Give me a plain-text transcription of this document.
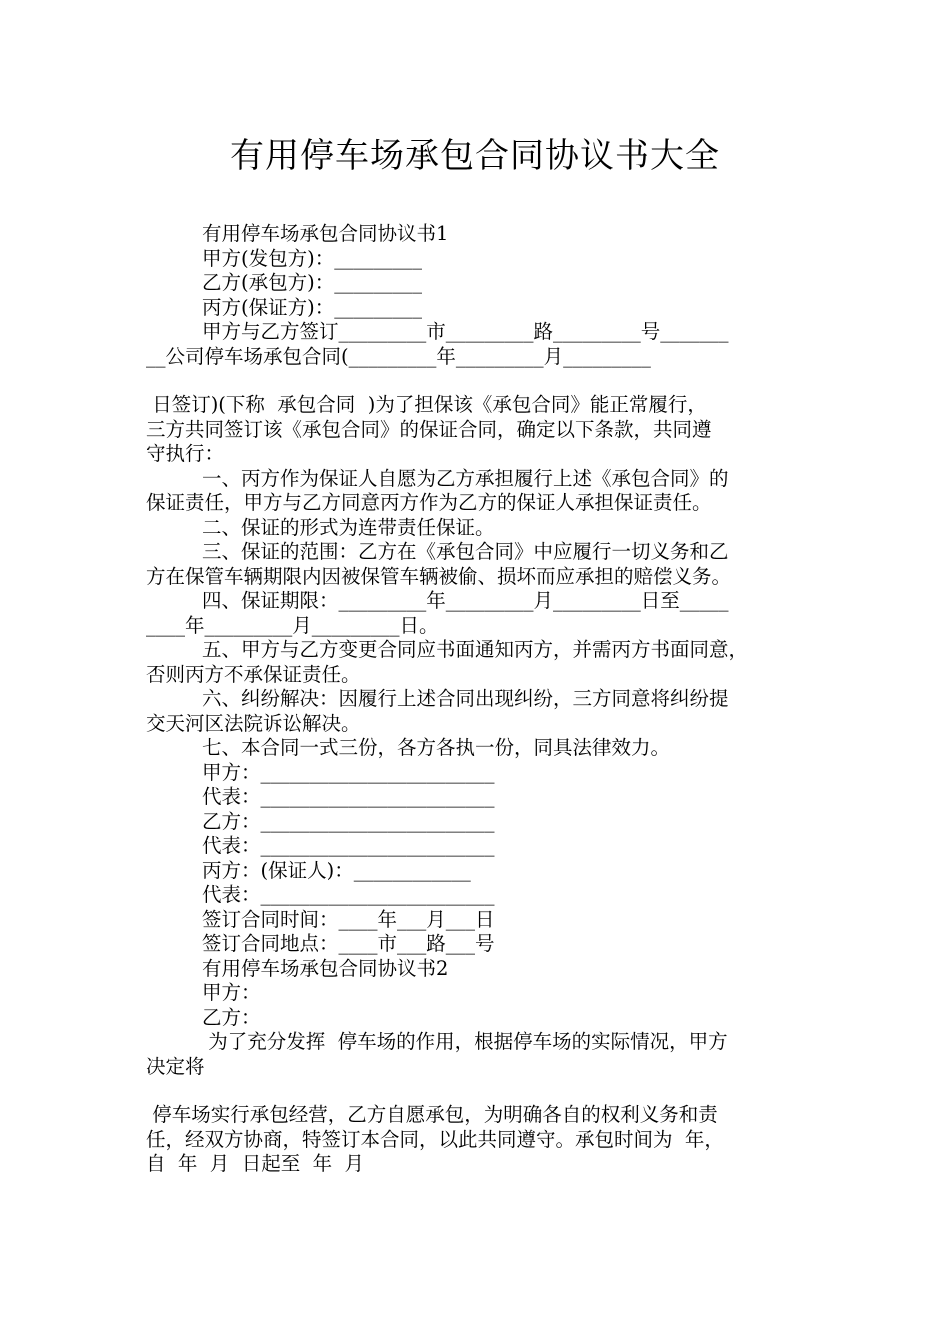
有用停车场承包合同协议书大全
有用停车场承包合同协议书1
甲方(发包方)：_________
乙方(承包方)：_________
丙方(保证方)：_________
甲方与乙方签订_________市_________路_________号_______
__公司停车场承包合同(_________年_________月_________
日签订)(下称  承包合同  )为了担保该《承包合同》能正常履行，
三方共同签订该《承包合同》的保证合同，确定以下条款，共同遵
守执行：
一、丙方作为保证人自愿为乙方承担履行上述《承包合同》的
保证责任，甲方与乙方同意丙方作为乙方的保证人承担保证责任。
二、保证的形式为连带责任保证。
三、保证的范围：乙方在《承包合同》中应履行一切义务和乙
方在保管车辆期限内因被保管车辆被偷、损坏而应承担的赔偿义务。
四、保证期限：_________年_________月_________日至_____
____年_________月_________日。
五、甲方与乙方变更合同应书面通知丙方，并需丙方书面同意，
否则丙方不承保证责任。
六、纠纷解决：因履行上述合同出现纠纷，三方同意将纠纷提
交天河区法院诉讼解决。
七、本合同一式三份，各方各执一份，同具法律效力。
甲方：________________________
代表：________________________
乙方：________________________
代表：________________________
丙方：(保证人)：____________
代表：________________________
签订合同时间：____年___月___日
签订合同地点：____市___路___号
有用停车场承包合同协议书2
甲方：
乙方：
为了充分发挥  停车场的作用，根据停车场的实际情况，甲方
决定将
停车场实行承包经营，乙方自愿承包，为明确各自的权利义务和责
任，经双方协商，特签订本合同，以此共同遵守。承包时间为  年，
自  年  月  日起至  年  月
